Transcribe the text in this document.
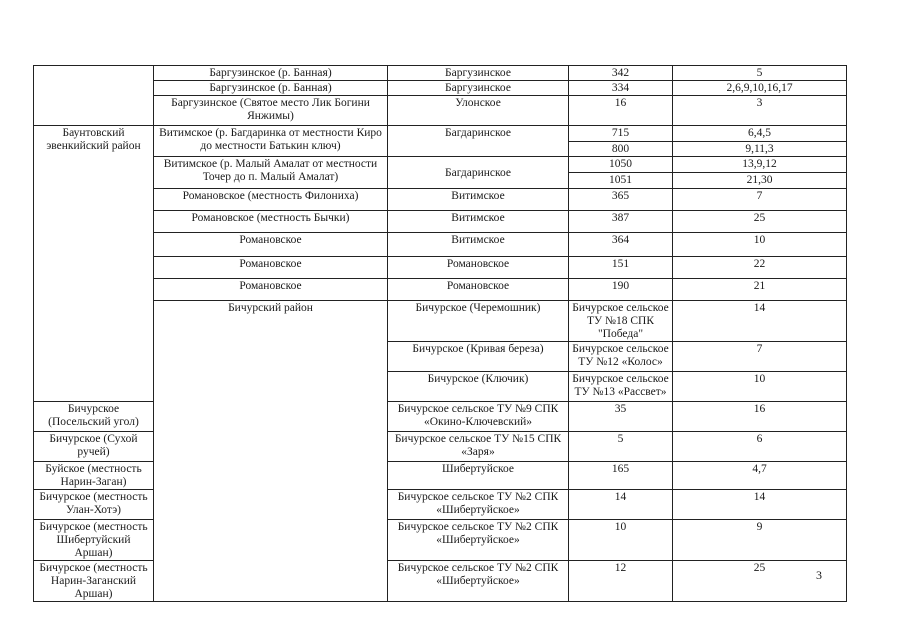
	Баргузинское (р. Банная)	Баргузинское	342	5	
	Баргузинское (р. Банная)	Баргузинское	334	2,6,9,10,16,17	
	Баргузинское (Святое место Лик Богини Янжимы)	Улонское	16	3	
Баунтовский эвенкийский район	Витимское (р. Багдаринка от местности Киро до местности Батькин ключ)	Багдаринское	715	6,4,5	
			800	9,11,3	
	Витимское (р. Малый Амалат от местности Точер до п. Малый Амалат)	Багдаринское	1050	13,9,12	
			1051	21,30	
	Романовское (местность Филониха)	Витимское	365	7	
	Романовское (местность Бычки)	Витимское	387	25	
	Романовское	Витимское	364	10	
	Романовское	Романовское	151	22	
	Романовское	Романовское	190	21	
	Бичурский район	Бичурское (Черемошник)	Бичурское сельское ТУ №18 СПК "Победа"	14	
		Бичурское (Кривая береза)	Бичурское сельское ТУ №12 «Колос»	7	
		Бичурское (Ключик)	Бичурское сельское ТУ №13 «Рассвет»	10	
Бичурское (Посельский угол)		Бичурское сельское ТУ №9 СПК «Окино-Ключевский»	35	16	
Бичурское (Сухой ручей)		Бичурское сельское ТУ №15 СПК «Заря»	5	6	
Буйское (местность Нарин-Заган)		Шибертуйское	165	4,7	
Бичурское (местность Улан-Хотэ)		Бичурское сельское ТУ №2 СПК «Шибертуйское»	14	14	
Бичурское (местность Шибертуйский Аршан)		Бичурское сельское ТУ №2 СПК «Шибертуйское»	10	9	
Бичурское (местность Нарин-Заганский Аршан)		Бичурское сельское ТУ №2 СПК «Шибертуйское»	12	25		3
